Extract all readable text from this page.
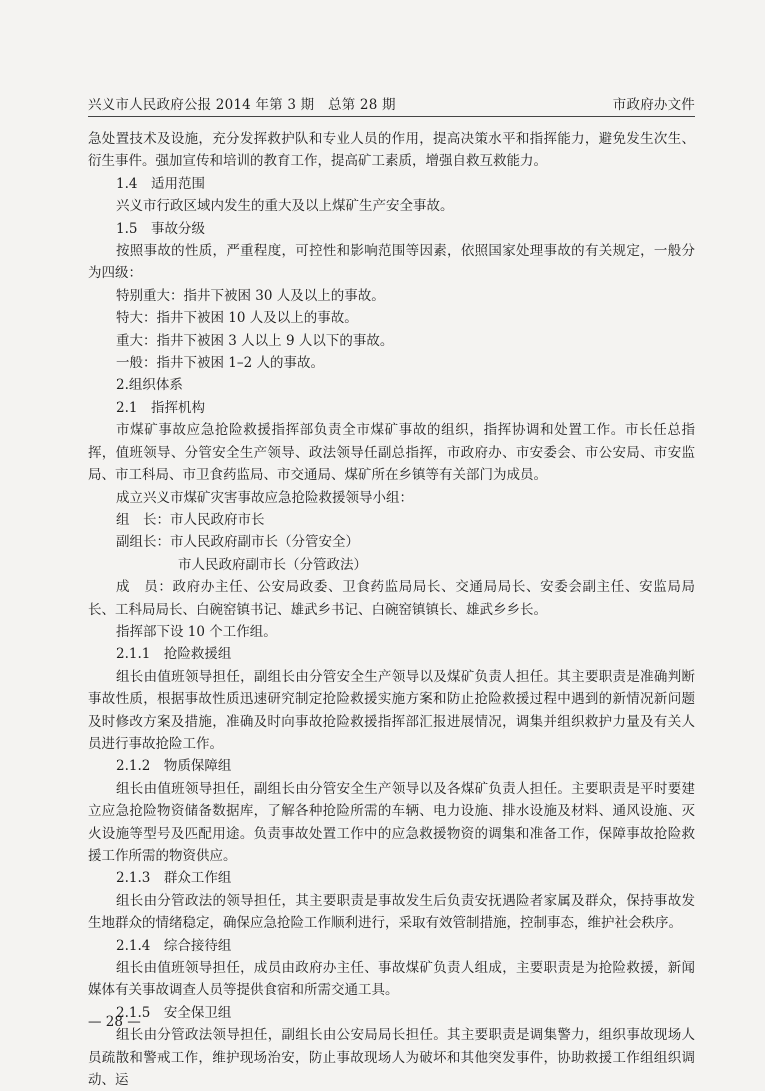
兴义市人民政府公报 2014 年第 3 期　总第 28 期	市政府办文件

急处置技术及设施，充分发挥救护队和专业人员的作用，提高决策水平和指挥能力，避免发生次生、衍生事件。强加宣传和培训的教育工作，提高矿工素质，增强自救互救能力。

1.4　适用范围

兴义市行政区域内发生的重大及以上煤矿生产安全事故。

1.5　事故分级

按照事故的性质，严重程度，可控性和影响范围等因素，依照国家处理事故的有关规定，一般分为四级：

特别重大：指井下被困 30 人及以上的事故。

特大：指井下被困 10 人及以上的事故。

重大：指井下被困 3 人以上 9 人以下的事故。

一般：指井下被困 1–2 人的事故。

2.组织体系

2.1　指挥机构

市煤矿事故应急抢险救援指挥部负责全市煤矿事故的组织，指挥协调和处置工作。市长任总指挥，值班领导、分管安全生产领导、政法领导任副总指挥，市政府办、市安委会、市公安局、市安监局、市工科局、市卫食药监局、市交通局、煤矿所在乡镇等有关部门为成员。

成立兴义市煤矿灾害事故应急抢险救援领导小组：

组　长：市人民政府市长

副组长：市人民政府副市长（分管安全）

市人民政府副市长（分管政法）

成　员：政府办主任、公安局政委、卫食药监局局长、交通局局长、安委会副主任、安监局局长、工科局局长、白碗窑镇书记、雄武乡书记、白碗窑镇镇长、雄武乡乡长。

指挥部下设 10 个工作组。

2.1.1　抢险救援组

组长由值班领导担任，副组长由分管安全生产领导以及煤矿负责人担任。其主要职责是准确判断事故性质，根据事故性质迅速研究制定抢险救援实施方案和防止抢险救援过程中遇到的新情况新问题及时修改方案及措施，准确及时向事故抢险救援指挥部汇报进展情况，调集并组织救护力量及有关人员进行事故抢险工作。

2.1.2　物质保障组

组长由值班领导担任，副组长由分管安全生产领导以及各煤矿负责人担任。主要职责是平时要建立应急抢险物资储备数据库，了解各种抢险所需的车辆、电力设施、排水设施及材料、通风设施、灭火设施等型号及匹配用途。负责事故处置工作中的应急救援物资的调集和准备工作，保障事故抢险救援工作所需的物资供应。

2.1.3　群众工作组

组长由分管政法的领导担任，其主要职责是事故发生后负责安抚遇险者家属及群众，保持事故发生地群众的情绪稳定，确保应急抢险工作顺利进行，采取有效管制措施，控制事态，维护社会秩序。

2.1.4　综合接待组

组长由值班领导担任，成员由政府办主任、事故煤矿负责人组成，主要职责是为抢险救援，新闻媒体有关事故调查人员等提供食宿和所需交通工具。

2.1.5　安全保卫组

组长由分管政法领导担任，副组长由公安局局长担任。其主要职责是调集警力，组织事故现场人员疏散和警戒工作，维护现场治安，防止事故现场人为破坏和其他突发事件，协助救援工作组组织调动、运

— 28 —
